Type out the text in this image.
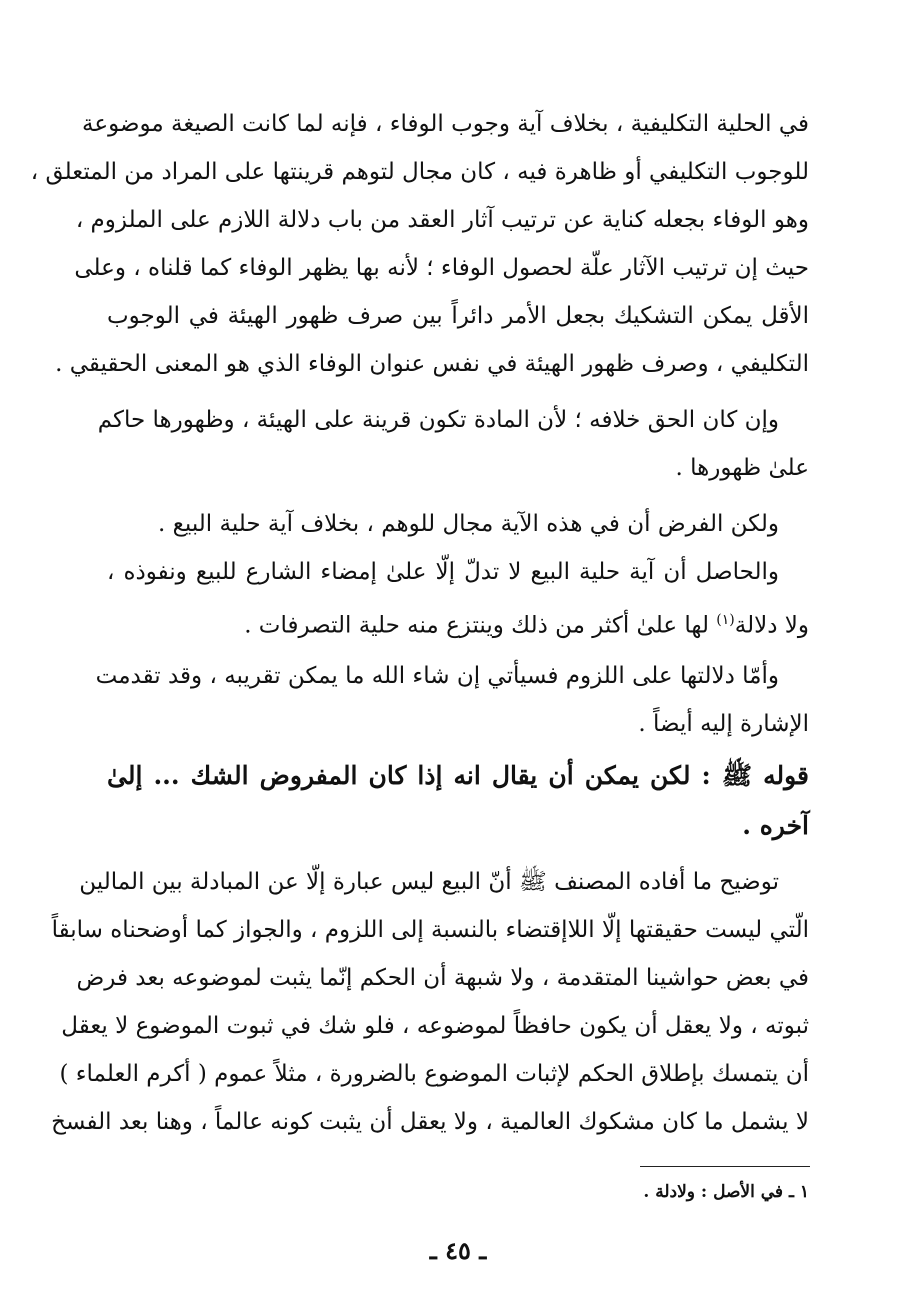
في الحلية التكليفية ، بخلاف آية وجوب الوفاء ، فإنه لما كانت الصيغة موضوعة
للوجوب التكليفي أو ظاهرة فيه ، كان مجال لتوهم قرينتها على المراد من المتعلق ،
وهو الوفاء بجعله كناية عن ترتيب آثار العقد من باب دلالة اللازم على الملزوم ،
حيث إن ترتيب الآثار علّة لحصول الوفاء ؛ لأنه بها يظهر الوفاء كما قلناه ، وعلى
الأقل يمكن التشكيك بجعل الأمر دائراً بين صرف ظهور الهيئة في الوجوب
التكليفي ، وصرف ظهور الهيئة في نفس عنوان الوفاء الذي هو المعنى الحقيقي .
وإن كان الحق خلافه ؛ لأن المادة تكون قرينة على الهيئة ، وظهورها حاكم
علىٰ ظهورها .
ولكن الفرض أن في هذه الآية مجال للوهم ، بخلاف آية حلية البيع .
والحاصل أن آية حلية البيع لا تدلّ إلّا علىٰ إمضاء الشارع للبيع ونفوذه ،
ولا دلالة$^{(١)}$ لها علىٰ أكثر من ذلك وينتزع منه حلية التصرفات .
وأمّا دلالتها على اللزوم فسيأتي إن شاء الله ما يمكن تقريبه ، وقد تقدمت
الإشارة إليه أيضاً .
قوله ﷺ : لكن يمكن أن يقال انه إذا كان المفروض الشك ... إلىٰ
آخره .
توضيح ما أفاده المصنف ﷺ أنّ البيع ليس عبارة إلّا عن المبادلة بين المالين
الّتي ليست حقيقتها إلّا اللاإقتضاء بالنسبة إلى اللزوم ، والجواز كما أوضحناه سابقاً
في بعض حواشينا المتقدمة ، ولا شبهة أن الحكم إنّما يثبت لموضوعه بعد فرض
ثبوته ، ولا يعقل أن يكون حافظاً لموضوعه ، فلو شك في ثبوت الموضوع لا يعقل
أن يتمسك بإطلاق الحكم لإثبات الموضوع بالضرورة ، مثلاً عموم ( أكرم العلماء )
لا يشمل ما كان مشكوك العالمية ، ولا يعقل أن يثبت كونه عالماً ، وهنا بعد الفسخ
١ ـ في الأصل : ولادلة .
ـ ٤٥ ـ
